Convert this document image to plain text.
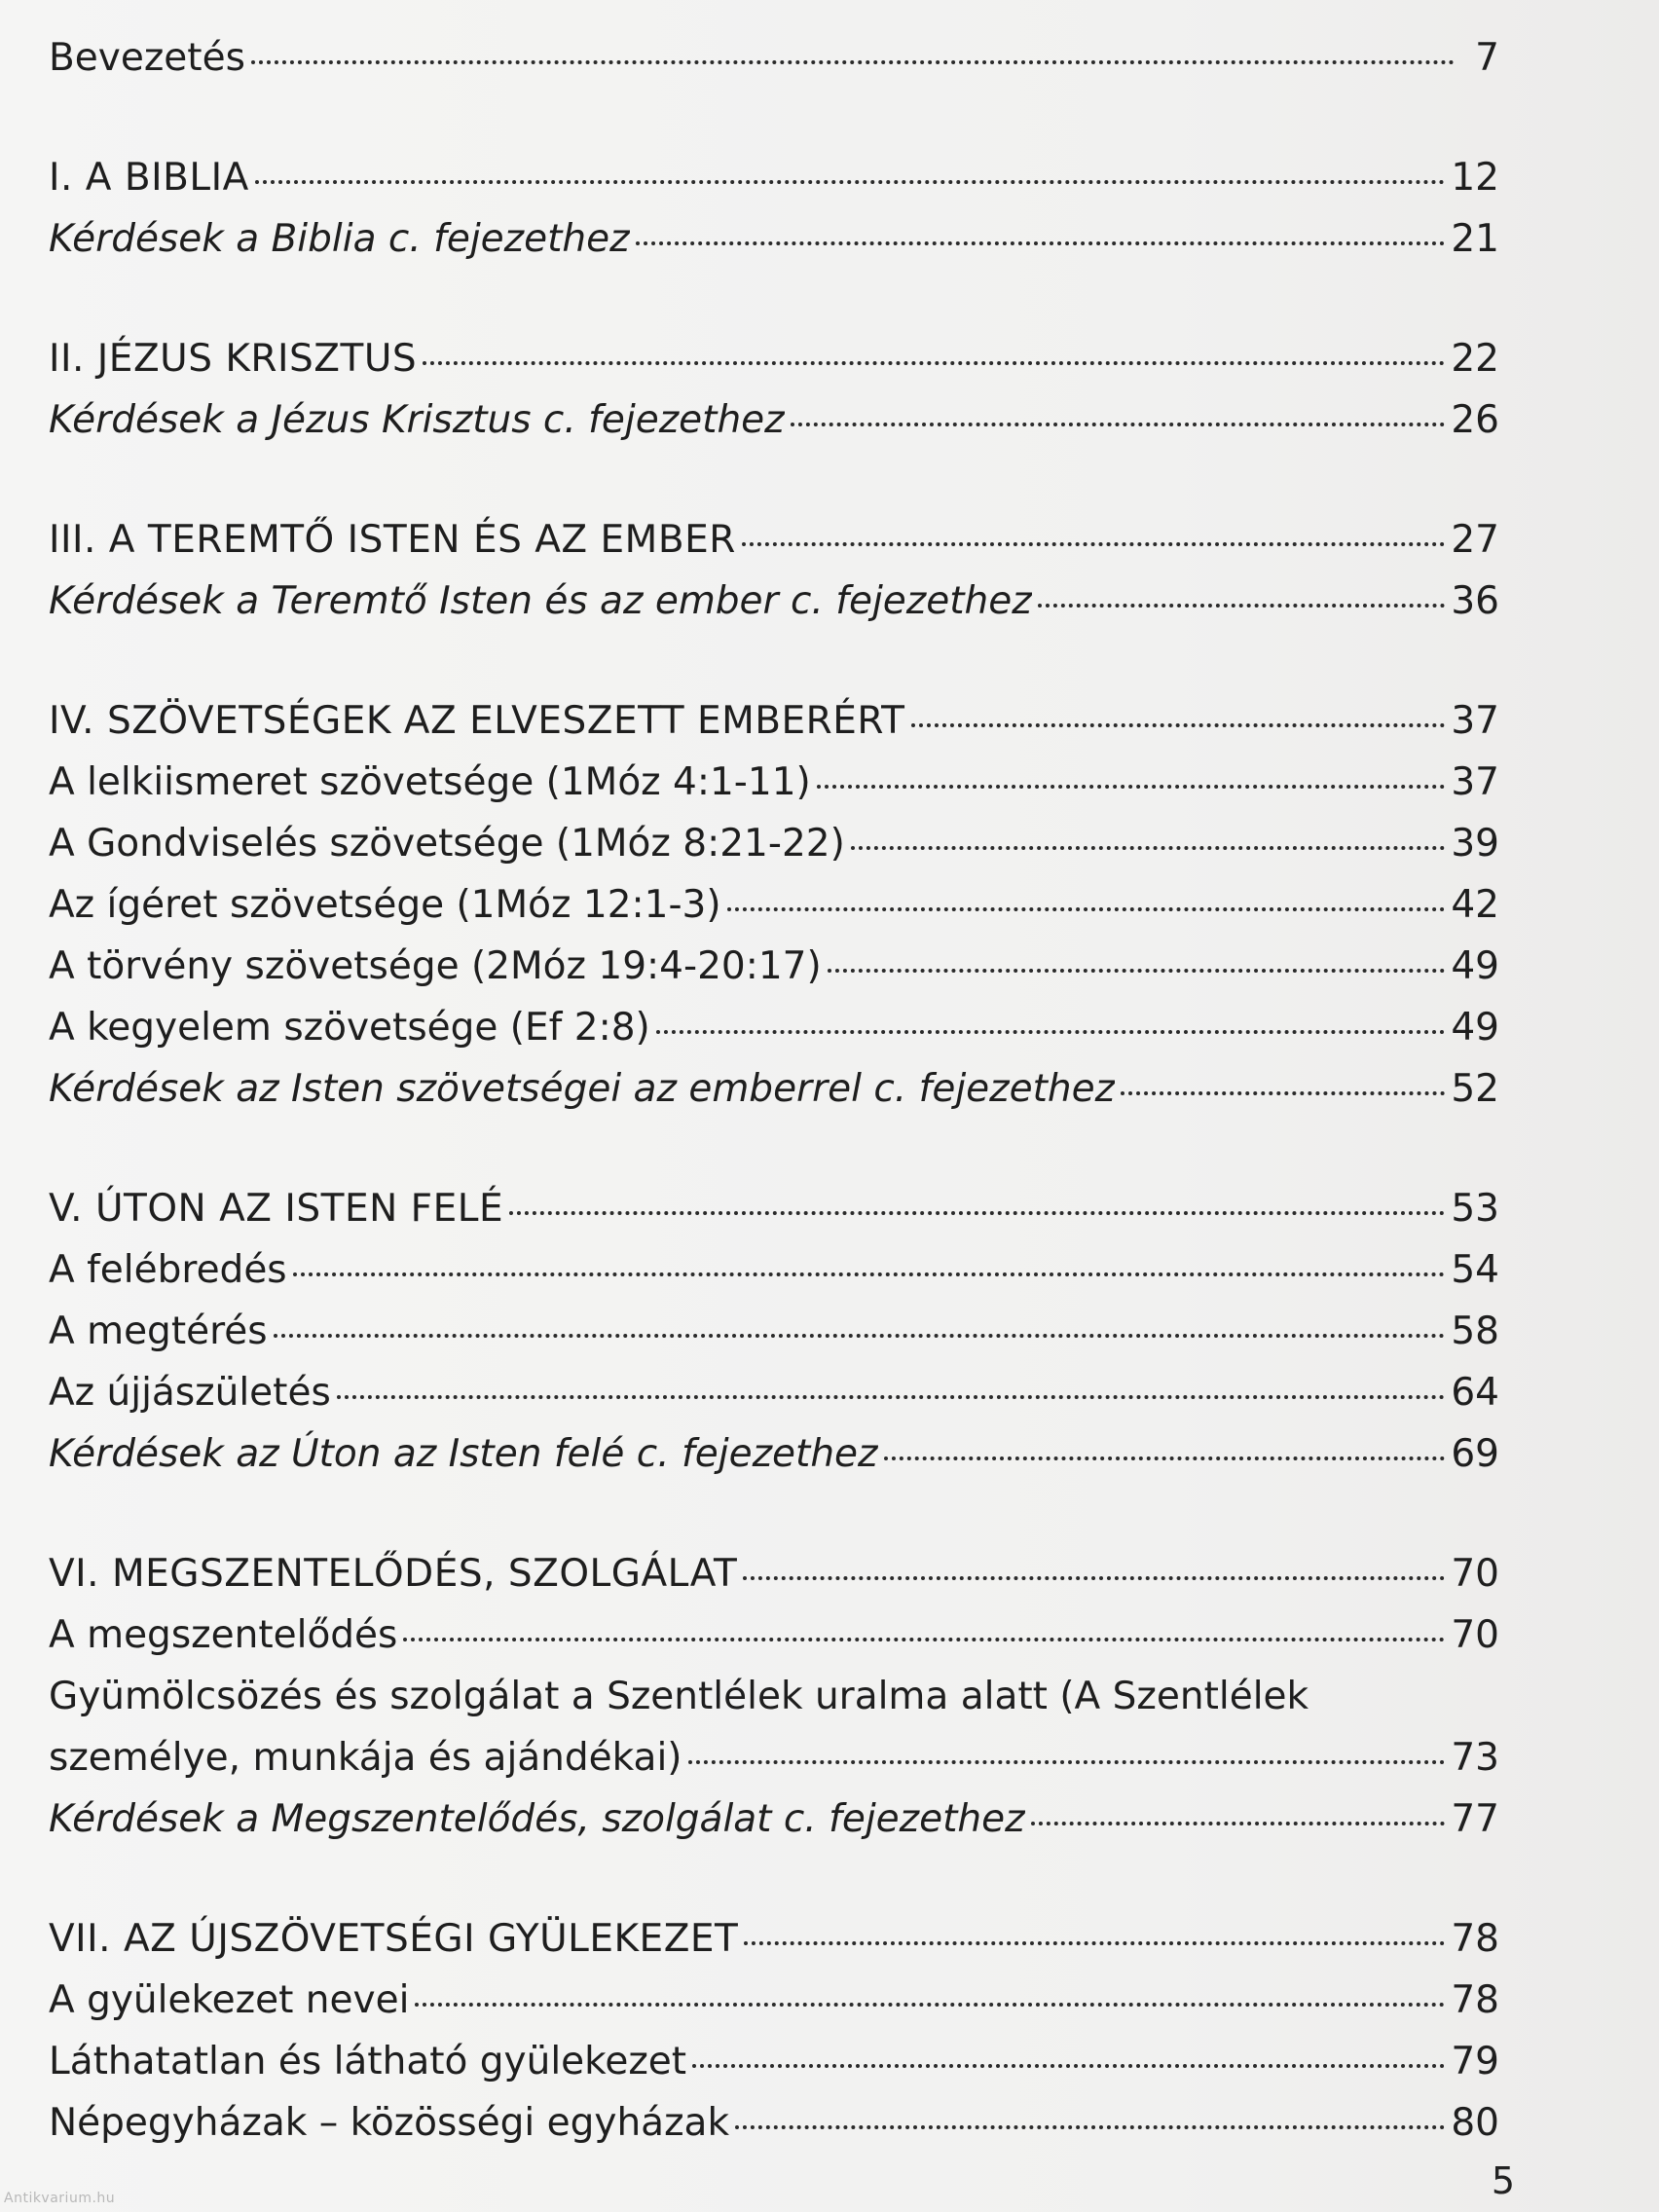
Bevezetés	7
I. A BIBLIA	12
Kérdések a Biblia c. fejezethez	21
II. JÉZUS KRISZTUS	22
Kérdések a Jézus Krisztus c. fejezethez	26
III. A TEREMTŐ ISTEN ÉS AZ EMBER	27
Kérdések a Teremtő Isten és az ember c. fejezethez	36
IV. SZÖVETSÉGEK AZ ELVESZETT EMBERÉRT	37
A lelkiismeret szövetsége (1Móz 4:1-11)	37
A Gondviselés szövetsége (1Móz 8:21-22)	39
Az ígéret szövetsége (1Móz 12:1-3)	42
A törvény szövetsége (2Móz 19:4-20:17)	49
A kegyelem szövetsége (Ef 2:8)	49
Kérdések az Isten szövetségei az emberrel c. fejezethez	52
V. ÚTON AZ ISTEN FELÉ	53
A felébredés	54
A megtérés	58
Az újjászületés	64
Kérdések az Úton az Isten felé c. fejezethez	69
VI. MEGSZENTELŐDÉS, SZOLGÁLAT	70
A megszentelődés	70
Gyümölcsözés és szolgálat a Szentlélek uralma alatt (A Szentlélek
személye, munkája és ajándékai)	73
Kérdések a Megszentelődés, szolgálat c. fejezethez	77
VII. AZ ÚJSZÖVETSÉGI GYÜLEKEZET	78
A gyülekezet nevei	78
Láthatatlan és látható gyülekezet	79
Népegyházak – közösségi egyházak	80
5
Antikvarium.hu
